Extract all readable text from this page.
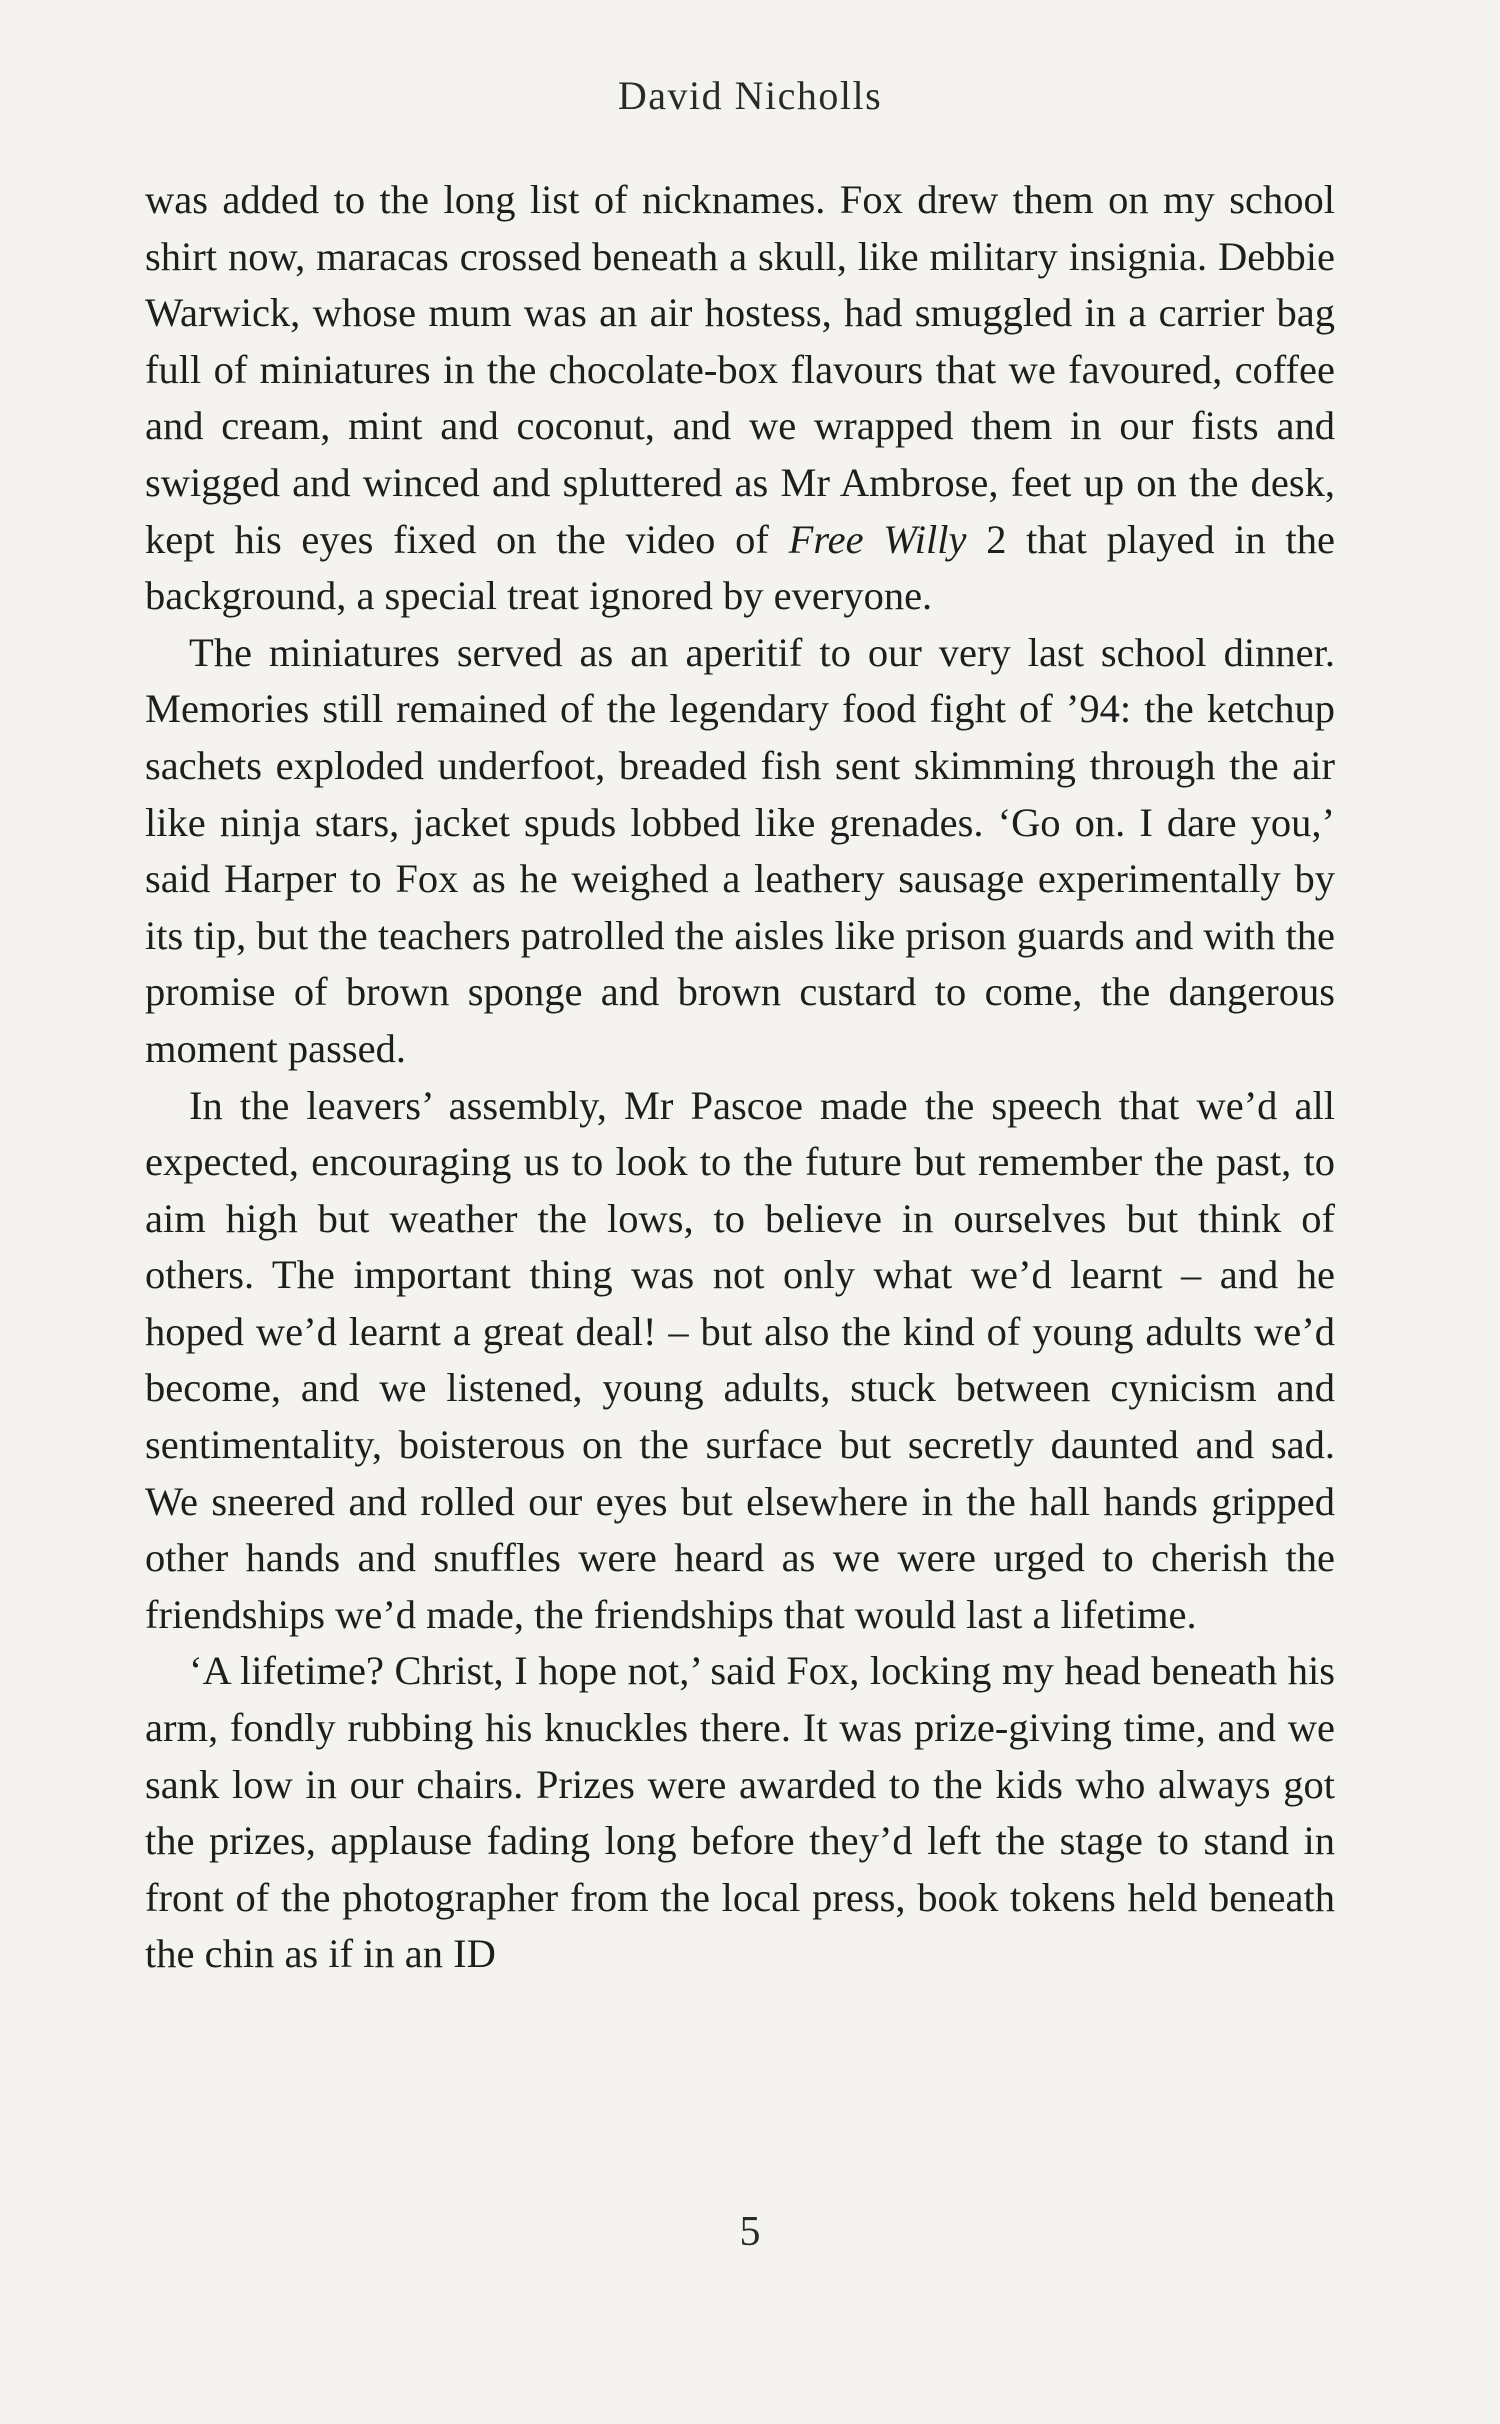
David Nicholls

was added to the long list of nicknames. Fox drew them on my school shirt now, maracas crossed beneath a skull, like military insignia. Debbie Warwick, whose mum was an air hostess, had smuggled in a carrier bag full of miniatures in the chocolate-box flavours that we favoured, coffee and cream, mint and coconut, and we wrapped them in our fists and swigged and winced and spluttered as Mr Ambrose, feet up on the desk, kept his eyes fixed on the video of Free Willy 2 that played in the background, a special treat ignored by everyone.

The miniatures served as an aperitif to our very last school dinner. Memories still remained of the legendary food fight of ’94: the ketchup sachets exploded underfoot, breaded fish sent skimming through the air like ninja stars, jacket spuds lobbed like grenades. ‘Go on. I dare you,’ said Harper to Fox as he weighed a leathery sausage experimentally by its tip, but the teachers patrolled the aisles like prison guards and with the promise of brown sponge and brown custard to come, the dangerous moment passed.

In the leavers’ assembly, Mr Pascoe made the speech that we’d all expected, encouraging us to look to the future but remember the past, to aim high but weather the lows, to believe in ourselves but think of others. The important thing was not only what we’d learnt – and he hoped we’d learnt a great deal! – but also the kind of young adults we’d become, and we listened, young adults, stuck between cynicism and sentimentality, boisterous on the surface but secretly daunted and sad. We sneered and rolled our eyes but elsewhere in the hall hands gripped other hands and snuffles were heard as we were urged to cherish the friendships we’d made, the friendships that would last a lifetime.

‘A lifetime? Christ, I hope not,’ said Fox, locking my head beneath his arm, fondly rubbing his knuckles there. It was prize-giving time, and we sank low in our chairs. Prizes were awarded to the kids who always got the prizes, applause fading long before they’d left the stage to stand in front of the photographer from the local press, book tokens held beneath the chin as if in an ID

5
